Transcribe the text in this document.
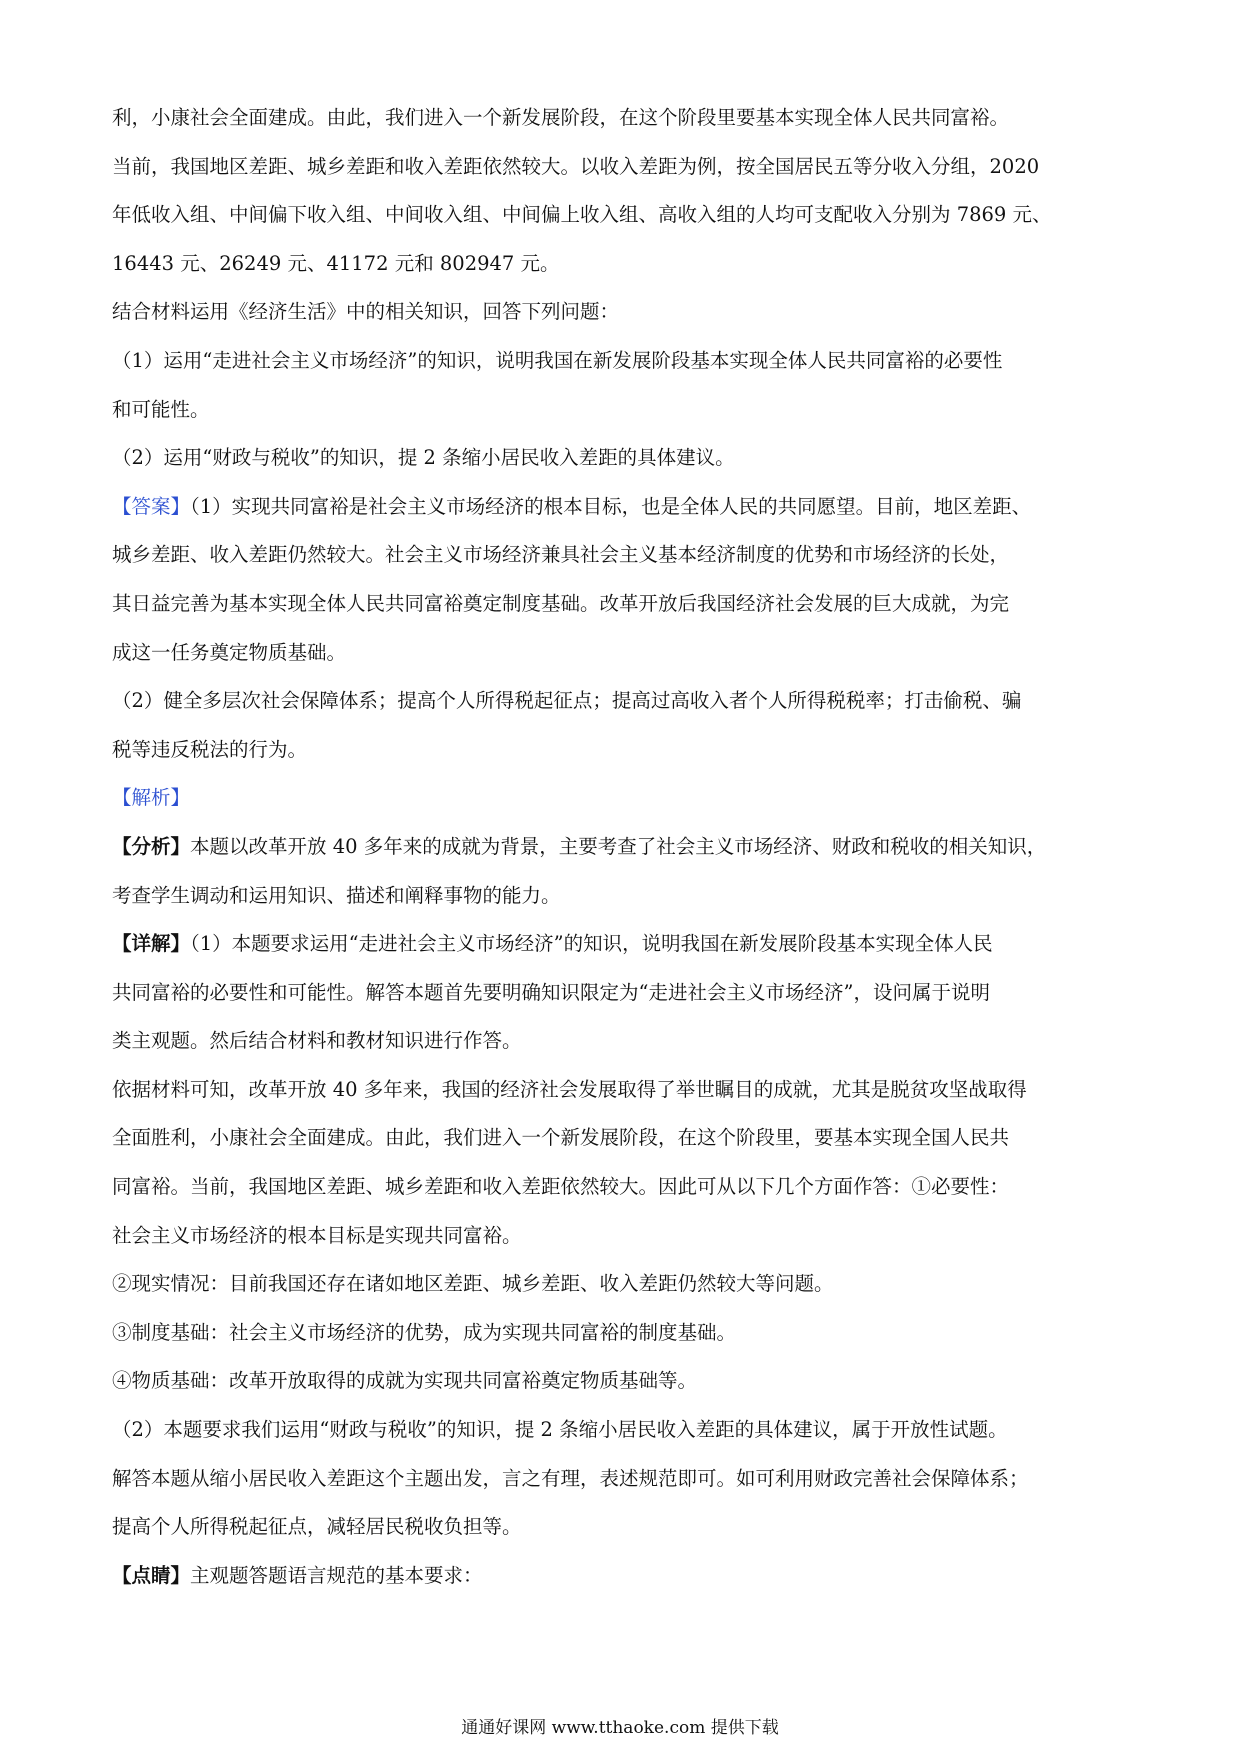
利，小康社会全面建成。由此，我们进入一个新发展阶段，在这个阶段里要基本实现全体人民共同富裕。
当前，我国地区差距、城乡差距和收入差距依然较大。以收入差距为例，按全国居民五等分收入分组，2020
年低收入组、中间偏下收入组、中间收入组、中间偏上收入组、高收入组的人均可支配收入分别为 7869 元、
16443 元、26249 元、41172 元和 802947 元。
结合材料运用《经济生活》中的相关知识，回答下列问题：
（1）运用“走进社会主义市场经济”的知识，说明我国在新发展阶段基本实现全体人民共同富裕的必要性
和可能性。
（2）运用“财政与税收”的知识，提 2 条缩小居民收入差距的具体建议。
【答案】（1）实现共同富裕是社会主义市场经济的根本目标，也是全体人民的共同愿望。目前，地区差距、
城乡差距、收入差距仍然较大。社会主义市场经济兼具社会主义基本经济制度的优势和市场经济的长处，
其日益完善为基本实现全体人民共同富裕奠定制度基础。改革开放后我国经济社会发展的巨大成就，为完
成这一任务奠定物质基础。
（2）健全多层次社会保障体系；提高个人所得税起征点；提高过高收入者个人所得税税率；打击偷税、骗
税等违反税法的行为。
【解析】
【分析】本题以改革开放 40 多年来的成就为背景，主要考查了社会主义市场经济、财政和税收的相关知识，
考查学生调动和运用知识、描述和阐释事物的能力。
【详解】（1）本题要求运用“走进社会主义市场经济”的知识，说明我国在新发展阶段基本实现全体人民
共同富裕的必要性和可能性。解答本题首先要明确知识限定为“走进社会主义市场经济”，设问属于说明
类主观题。然后结合材料和教材知识进行作答。
依据材料可知，改革开放 40 多年来，我国的经济社会发展取得了举世瞩目的成就，尤其是脱贫攻坚战取得
全面胜利，小康社会全面建成。由此，我们进入一个新发展阶段，在这个阶段里，要基本实现全国人民共
同富裕。当前，我国地区差距、城乡差距和收入差距依然较大。因此可从以下几个方面作答：①必要性：
社会主义市场经济的根本目标是实现共同富裕。
②现实情况：目前我国还存在诸如地区差距、城乡差距、收入差距仍然较大等问题。
③制度基础：社会主义市场经济的优势，成为实现共同富裕的制度基础。
④物质基础：改革开放取得的成就为实现共同富裕奠定物质基础等。
（2）本题要求我们运用“财政与税收”的知识，提 2 条缩小居民收入差距的具体建议，属于开放性试题。
解答本题从缩小居民收入差距这个主题出发，言之有理，表述规范即可。如可利用财政完善社会保障体系；
提高个人所得税起征点，减轻居民税收负担等。
【点睛】主观题答题语言规范的基本要求：
通通好课网 www.tthaoke.com 提供下载
